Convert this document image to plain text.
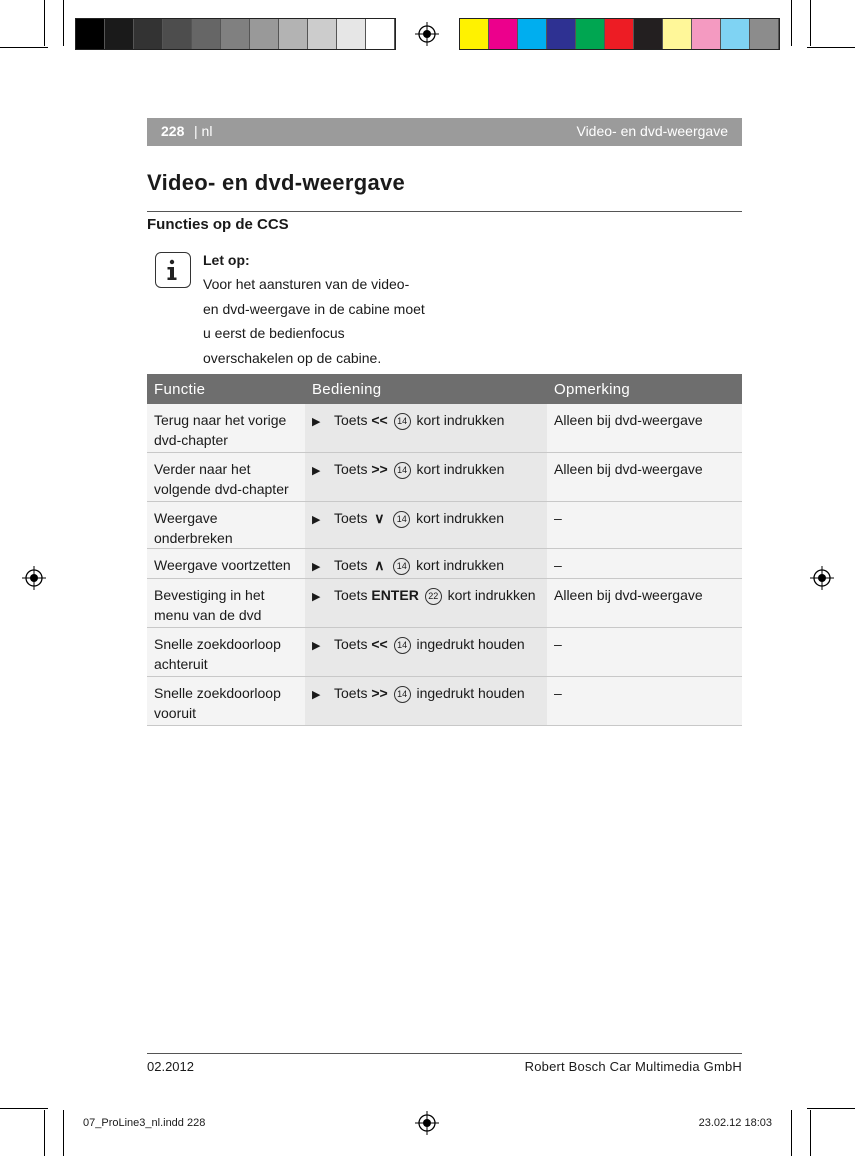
228 | nl	Video- en dvd-weergave
Video- en dvd-weergave
Functies op de CCS
Let op:
Voor het aansturen van de video- en dvd-weergave in de cabine moet u eerst de bedienfocus overschakelen op de cabine.
Functie	Bediening	Opmerking
Terug naar het vorige dvd-chapter	▶ Toets << 14 kort indrukken	Alleen bij dvd-weergave
Verder naar het volgende dvd-chapter	▶ Toets >> 14 kort indrukken	Alleen bij dvd-weergave
Weergave onderbreken	▶ Toets ∨ 14 kort indrukken	–
Weergave voortzetten	▶ Toets ∧ 14 kort indrukken	–
Bevestiging in het menu van de dvd	▶ Toets ENTER 22 kort indrukken	Alleen bij dvd-weergave
Snelle zoekdoorloop achteruit	▶ Toets << 14 ingedrukt houden	–
Snelle zoekdoorloop vooruit	▶ Toets >> 14 ingedrukt houden	–
02.2012	Robert Bosch Car Multimedia GmbH
07_ProLine3_nl.indd 228	23.02.12 18:03
